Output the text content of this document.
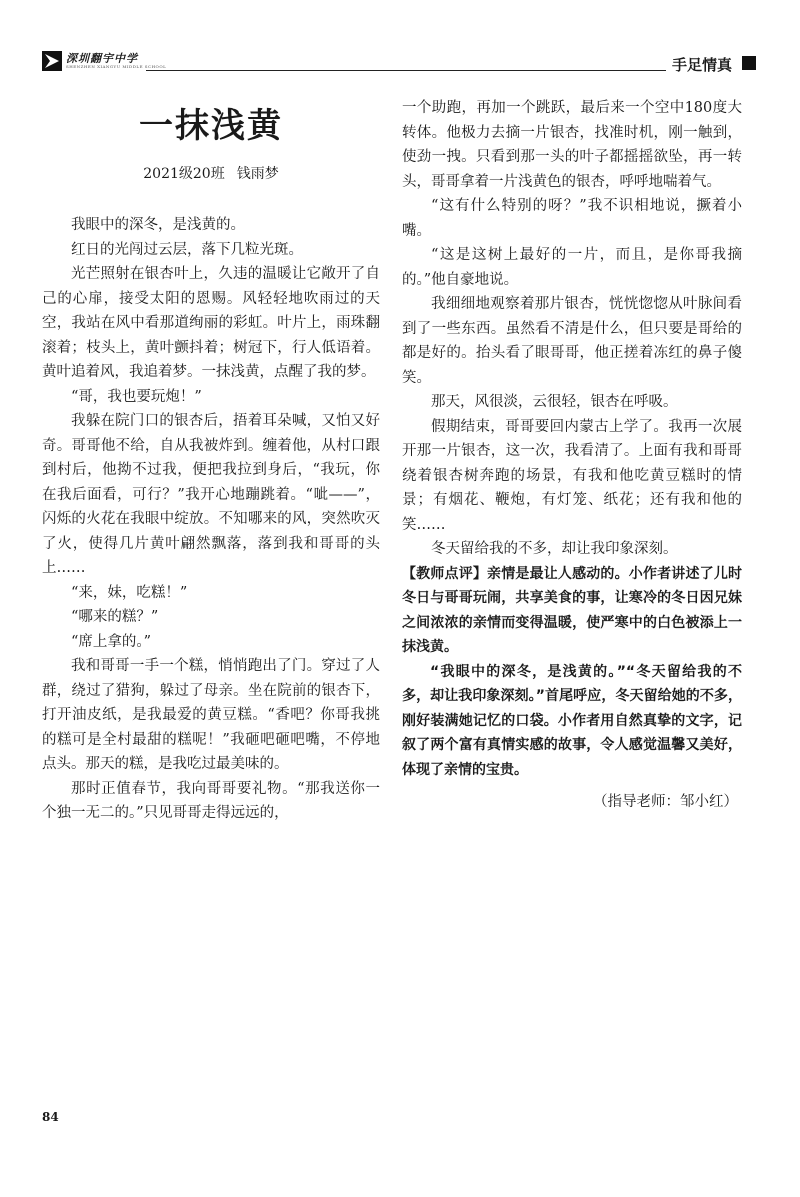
深圳翻宇中学
SHENZHEN XIANGYU MIDDLE SCHOOL	手足情真
一抹浅黄
2021级20班 钱雨梦

我眼中的深冬，是浅黄的。

红日的光闯过云层，落下几粒光斑。

光芒照射在银杏叶上，久违的温暖让它敞开了自己的心扉，接受太阳的恩赐。风轻轻地吹雨过的天空，我站在风中看那道绚丽的彩虹。叶片上，雨珠翻滚着；枝头上，黄叶颤抖着；树冠下，行人低语着。黄叶追着风，我追着梦。一抹浅黄，点醒了我的梦。

“哥，我也要玩炮！”

我躲在院门口的银杏后，捂着耳朵喊，又怕又好奇。哥哥他不给，自从我被炸到。缠着他，从村口跟到村后，他拗不过我，便把我拉到身后，“我玩，你在我后面看，可行？”我开心地蹦跳着。“呲——”，闪烁的火花在我眼中绽放。不知哪来的风，突然吹灭了火，使得几片黄叶翩然飘落，落到我和哥哥的头上……

“来，妹，吃糕！”

“哪来的糕？”

“席上拿的。”

我和哥哥一手一个糕，悄悄跑出了门。穿过了人群，绕过了猎狗，躲过了母亲。坐在院前的银杏下，打开油皮纸，是我最爱的黄豆糕。“香吧？你哥我挑的糕可是全村最甜的糕呢！”我砸吧砸吧嘴，不停地点头。那天的糕，是我吃过最美味的。

那时正值春节，我向哥哥要礼物。“那我送你一个独一无二的。”只见哥哥走得远远的，

一个助跑，再加一个跳跃，最后来一个空中180度大转体。他极力去摘一片银杏，找准时机，刚一触到，使劲一拽。只看到那一头的叶子都摇摇欲坠，再一转头，哥哥拿着一片浅黄色的银杏，呼呼地喘着气。

“这有什么特别的呀？”我不识相地说，撅着小嘴。

“这是这树上最好的一片，而且，是你哥我摘的。”他自豪地说。

我细细地观察着那片银杏，恍恍惚惚从叶脉间看到了一些东西。虽然看不清是什么，但只要是哥给的都是好的。抬头看了眼哥哥，他正搓着冻红的鼻子傻笑。

那天，风很淡，云很轻，银杏在呼吸。

假期结束，哥哥要回内蒙古上学了。我再一次展开那一片银杏，这一次，我看清了。上面有我和哥哥绕着银杏树奔跑的场景，有我和他吃黄豆糕时的情景；有烟花、鞭炮，有灯笼、纸花；还有我和他的笑……

冬天留给我的不多，却让我印象深刻。

【教师点评】亲情是最让人感动的。小作者讲述了儿时冬日与哥哥玩闹，共享美食的事，让寒冷的冬日因兄妹之间浓浓的亲情而变得温暖，使严寒中的白色被添上一抹浅黄。

“我眼中的深冬，是浅黄的。”“冬天留给我的不多，却让我印象深刻。”首尾呼应，冬天留给她的不多，刚好装满她记忆的口袋。小作者用自然真挚的文字，记叙了两个富有真情实感的故事，令人感觉温馨又美好，体现了亲情的宝贵。

（指导老师：邹小红）
84
